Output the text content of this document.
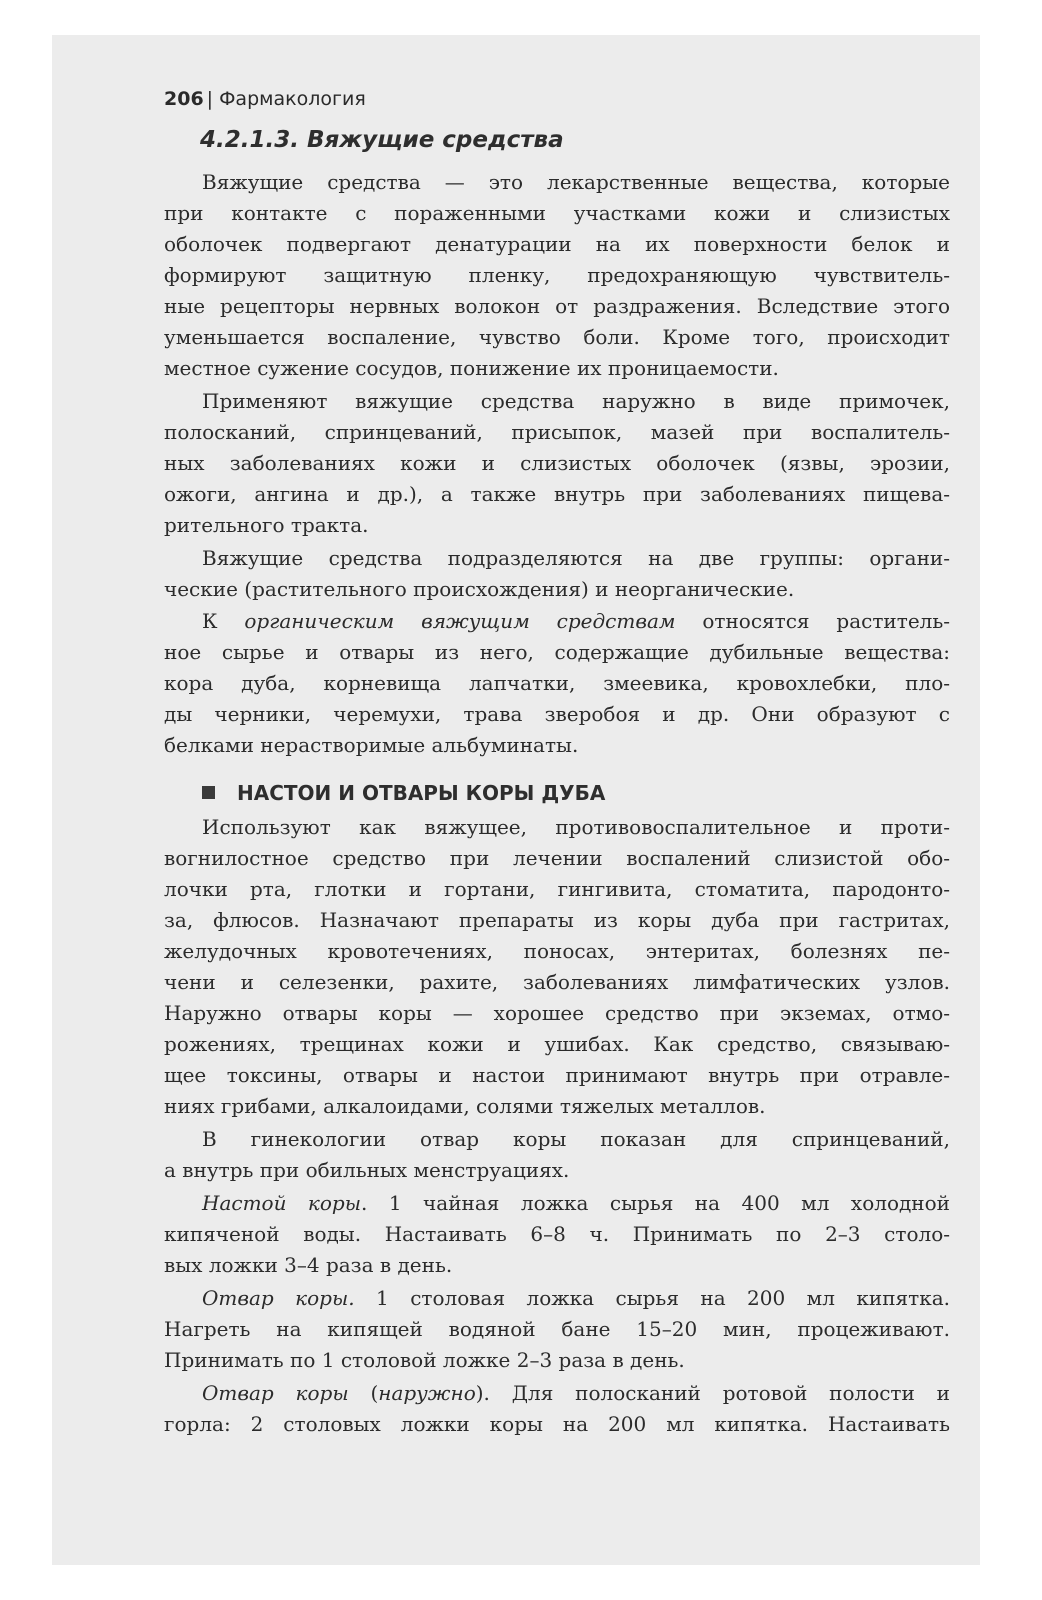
206 | Фармакология
4.2.1.3. Вяжущие средства
НАСТОИ И ОТВАРЫ КОРЫ ДУБА
Вяжущие средства — это лекарственные вещества, которые
при контакте с пораженными участками кожи и слизистых
оболочек подвергают денатурации на их поверхности белок и
формируют защитную пленку, предохраняющую чувствитель-
ные рецепторы нервных волокон от раздражения. Вследствие этого
уменьшается воспаление, чувство боли. Кроме того, происходит
местное сужение сосудов, понижение их проницаемости.
Применяют вяжущие средства наружно в виде примочек,
полосканий, спринцеваний, присыпок, мазей при воспалитель-
ных заболеваниях кожи и слизистых оболочек (язвы, эрозии,
ожоги, ангина и др.), а также внутрь при заболеваниях пищева-
рительного тракта.
Вяжущие средства подразделяются на две группы: органи-
ческие (растительного происхождения) и неорганические.
К органическим вяжущим средствам относятся раститель-
ное сырье и отвары из него, содержащие дубильные вещества:
кора дуба, корневища лапчатки, змеевика, кровохлебки, пло-
ды черники, черемухи, трава зверобоя и др. Они образуют с
белками нерастворимые альбуминаты.
Используют как вяжущее, противовоспалительное и проти-
вогнилостное средство при лечении воспалений слизистой обо-
лочки рта, глотки и гортани, гингивита, стоматита, пародонто-
за, флюсов. Назначают препараты из коры дуба при гастритах,
желудочных кровотечениях, поносах, энтеритах, болезнях пе-
чени и селезенки, рахите, заболеваниях лимфатических узлов.
Наружно отвары коры — хорошее средство при экземах, отмо-
рожениях, трещинах кожи и ушибах. Как средство, связываю-
щее токсины, отвары и настои принимают внутрь при отравле-
ниях грибами, алкалоидами, солями тяжелых металлов.
В гинекологии отвар коры показан для спринцеваний,
а внутрь при обильных менструациях.
Настой коры. 1 чайная ложка сырья на 400 мл холодной
кипяченой воды. Настаивать 6–8 ч. Принимать по 2–3 столо-
вых ложки 3–4 раза в день.
Отвар коры. 1 столовая ложка сырья на 200 мл кипятка.
Нагреть на кипящей водяной бане 15–20 мин, процеживают.
Принимать по 1 столовой ложке 2–3 раза в день.
Отвар коры (наружно). Для полосканий ротовой полости и
горла: 2 столовых ложки коры на 200 мл кипятка. Настаивать
